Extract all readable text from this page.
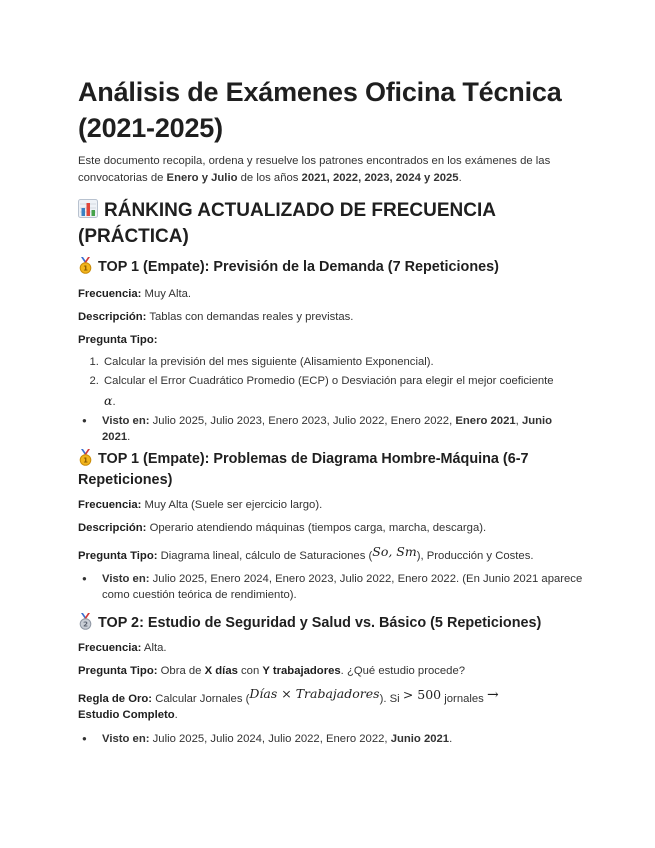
Análisis de Exámenes Oficina Técnica (2021-2025)

Este documento recopila, ordena y resuelve los patrones encontrados en los exámenes de las convocatorias de Enero y Julio de los años 2021, 2022, 2023, 2024 y 2025.

RÁNKING ACTUALIZADO DE FRECUENCIA (PRÁCTICA)
1 TOP 1 (Empate): Previsión de la Demanda (7 Repeticiones)

Frecuencia: Muy Alta.

Descripción: Tablas con demandas reales y previstas.

Pregunta Tipo:

1. Calcular la previsión del mes siguiente (Alisamiento Exponencial).
2. Calcular el Error Cuadrático Promedio (ECP) o Desviación para elegir el mejor coeficiente
α.
● Visto en: Julio 2025, Julio 2023, Enero 2023, Julio 2022, Enero 2022, Enero 2021, Junio 2021.
1 TOP 1 (Empate): Problemas de Diagrama Hombre-Máquina (6-7 Repeticiones)

Frecuencia: Muy Alta (Suele ser ejercicio largo).

Descripción: Operario atendiendo máquinas (tiempos carga, marcha, descarga).

Pregunta Tipo: Diagrama lineal, cálculo de Saturaciones (So, Sm), Producción y Costes.

● Visto en: Julio 2025, Enero 2024, Enero 2023, Julio 2022, Enero 2022. (En Junio 2021 aparece como cuestión teórica de rendimiento).
2 TOP 2: Estudio de Seguridad y Salud vs. Básico (5 Repeticiones)

Frecuencia: Alta.

Pregunta Tipo: Obra de X días con Y trabajadores. ¿Qué estudio procede?

Regla de Oro: Calcular Jornales (Días × Trabajadores). Si > 500 jornales →
Estudio Completo.

● Visto en: Julio 2025, Julio 2024, Julio 2022, Enero 2022, Junio 2021.
